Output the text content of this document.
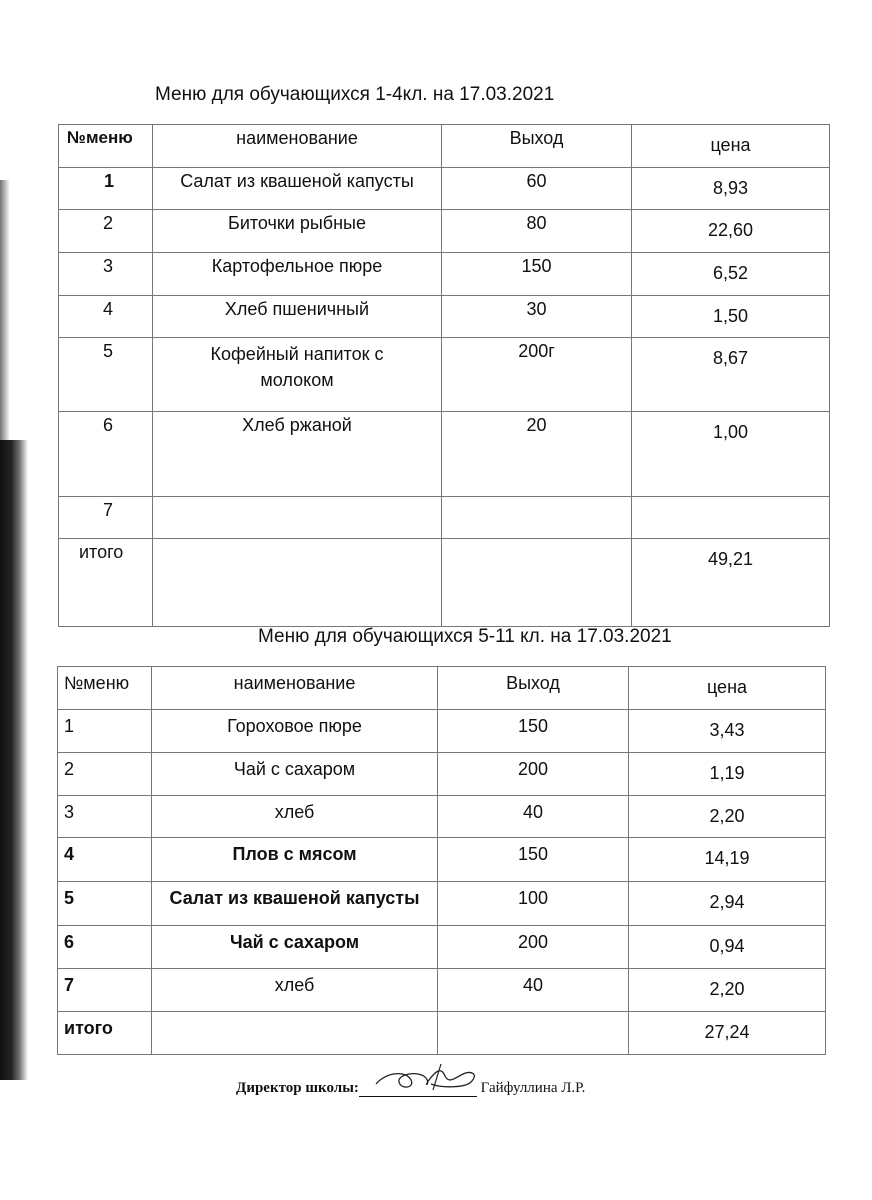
Меню для обучающихся 1-4кл. на 17.03.2021
№меню	наименование	Выход	цена
1	Салат из квашеной капусты	60	8,93
2	Биточки рыбные	80	22,60
3	Картофельное пюре	150	6,52
4	Хлеб пшеничный	30	1,50
5	Кофейный напиток с молоком	200г	8,67
6	Хлеб ржаной	20	1,00
7			
итого			49,21
Меню для обучающихся 5-11 кл. на 17.03.2021
№меню	наименование	Выход	цена
1	Гороховое пюре	150	3,43
2	Чай с сахаром	200	1,19
3	хлеб	40	2,20
4	Плов с мясом	150	14,19
5	Салат из квашеной капусты	100	2,94
6	Чай с сахаром	200	0,94
7	хлеб	40	2,20
итого			27,24
Директор школы:	Гайфуллина Л.Р.
